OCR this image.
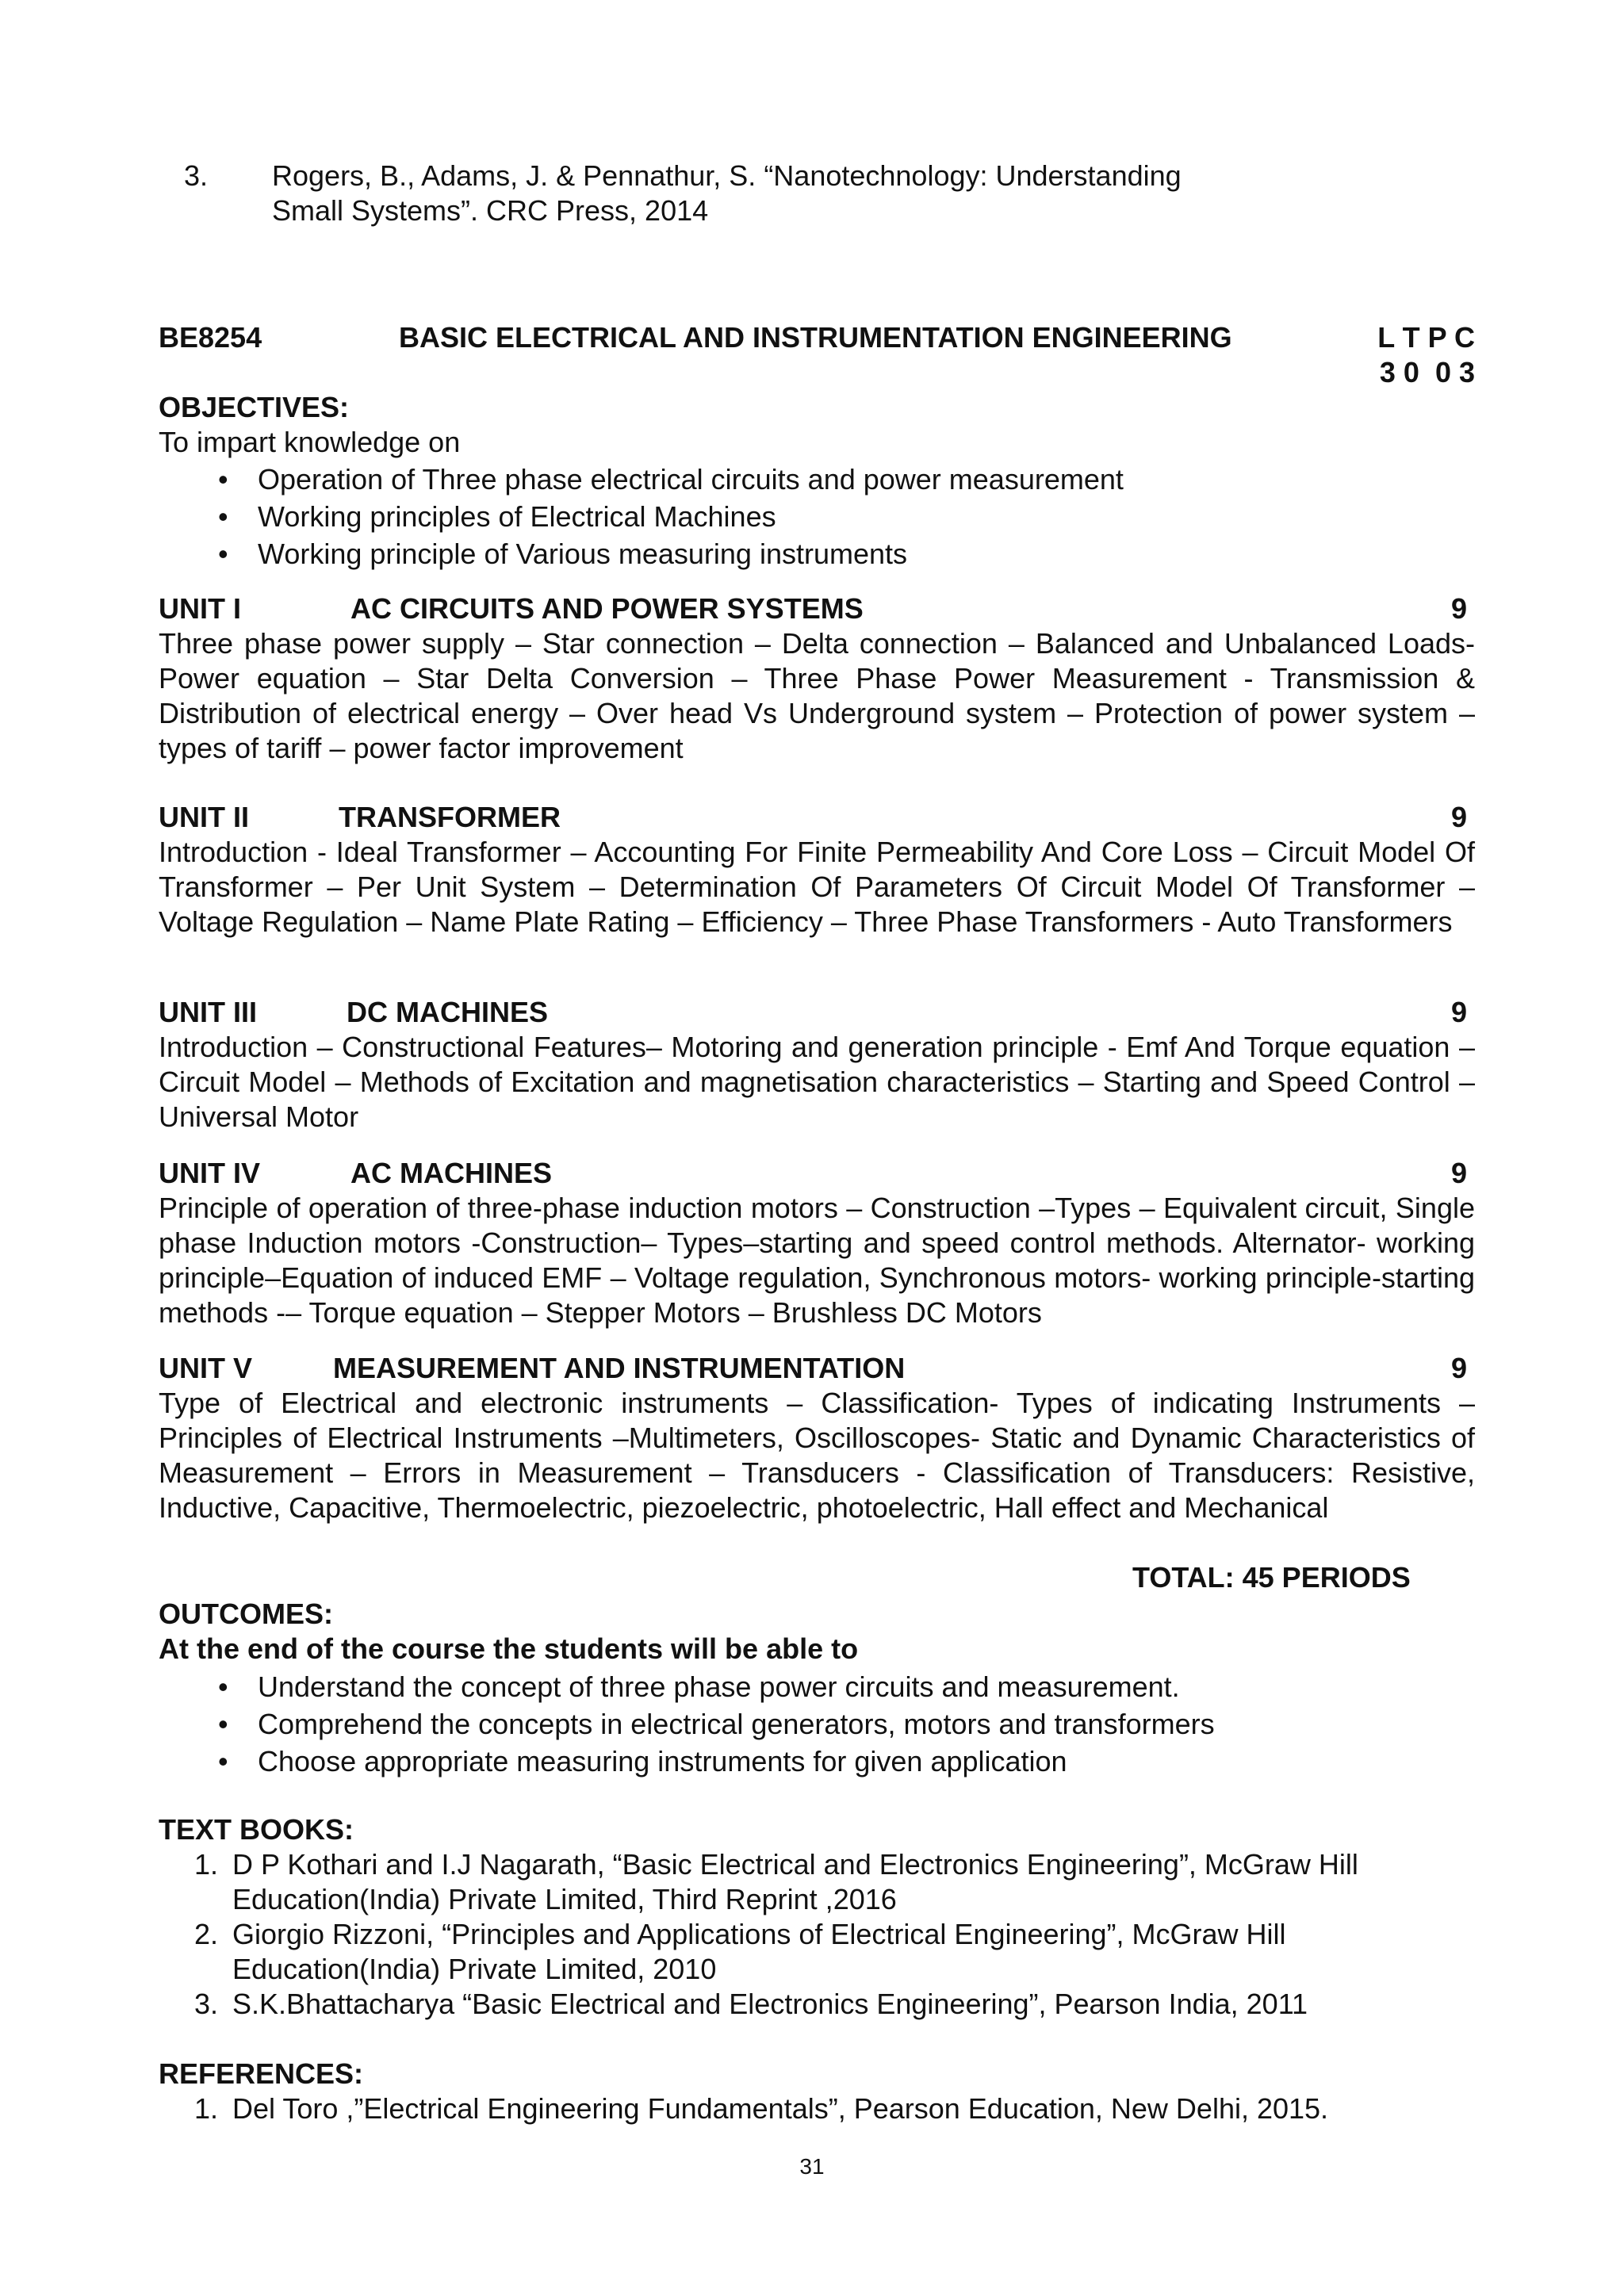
3. Rogers, B., Adams, J. & Pennathur, S. “Nanotechnology: Understanding
Small Systems”. CRC Press, 2014
BE8254	BASIC ELECTRICAL AND INSTRUMENTATION ENGINEERING	L T P C
3 0  0 3
OBJECTIVES:
To impart knowledge on
• Operation of Three phase electrical circuits and power measurement
• Working principles of Electrical Machines
• Working principle of Various measuring instruments
UNIT I	AC CIRCUITS AND POWER SYSTEMS	9
Three phase power supply – Star connection – Delta connection – Balanced and Unbalanced Loads- Power equation – Star Delta Conversion – Three Phase Power Measurement - Transmission & Distribution of electrical energy – Over head Vs Underground system – Protection of power system – types of tariff – power factor improvement
UNIT II	TRANSFORMER	9
Introduction - Ideal Transformer – Accounting For Finite Permeability And Core Loss – Circuit Model Of Transformer – Per Unit System – Determination Of Parameters Of Circuit Model Of Transformer – Voltage Regulation – Name Plate Rating – Efficiency – Three Phase Transformers - Auto Transformers
UNIT III	DC MACHINES	9
Introduction – Constructional Features– Motoring and generation principle - Emf And Torque equation – Circuit Model – Methods of Excitation and magnetisation characteristics – Starting and Speed Control – Universal Motor
UNIT IV	AC MACHINES	9
Principle of operation of three-phase induction motors – Construction –Types – Equivalent circuit, Single phase Induction motors -Construction– Types–starting and speed control methods. Alternator- working principle–Equation of induced EMF – Voltage regulation, Synchronous motors- working principle-starting methods -– Torque equation – Stepper Motors – Brushless DC Motors
UNIT V	MEASUREMENT AND INSTRUMENTATION	9
Type of Electrical and electronic instruments – Classification- Types of indicating Instruments – Principles of Electrical Instruments –Multimeters, Oscilloscopes- Static and Dynamic Characteristics of Measurement – Errors in Measurement – Transducers - Classification of Transducers: Resistive, Inductive, Capacitive, Thermoelectric, piezoelectric, photoelectric, Hall effect and Mechanical
TOTAL: 45 PERIODS
OUTCOMES:
At the end of the course the students will be able to
• Understand the concept of three phase power circuits and measurement.
• Comprehend the concepts in electrical generators, motors and transformers
• Choose appropriate measuring instruments for given application
TEXT BOOKS:
1. D P Kothari and I.J Nagarath, “Basic Electrical and Electronics Engineering”, McGraw Hill
Education(India) Private Limited, Third Reprint ,2016
2. Giorgio Rizzoni, “Principles and Applications of Electrical Engineering”, McGraw Hill
Education(India) Private Limited, 2010
3. S.K.Bhattacharya “Basic Electrical and Electronics Engineering”, Pearson India, 2011
REFERENCES:
1. Del Toro ,”Electrical Engineering Fundamentals”, Pearson Education, New Delhi, 2015.
31
